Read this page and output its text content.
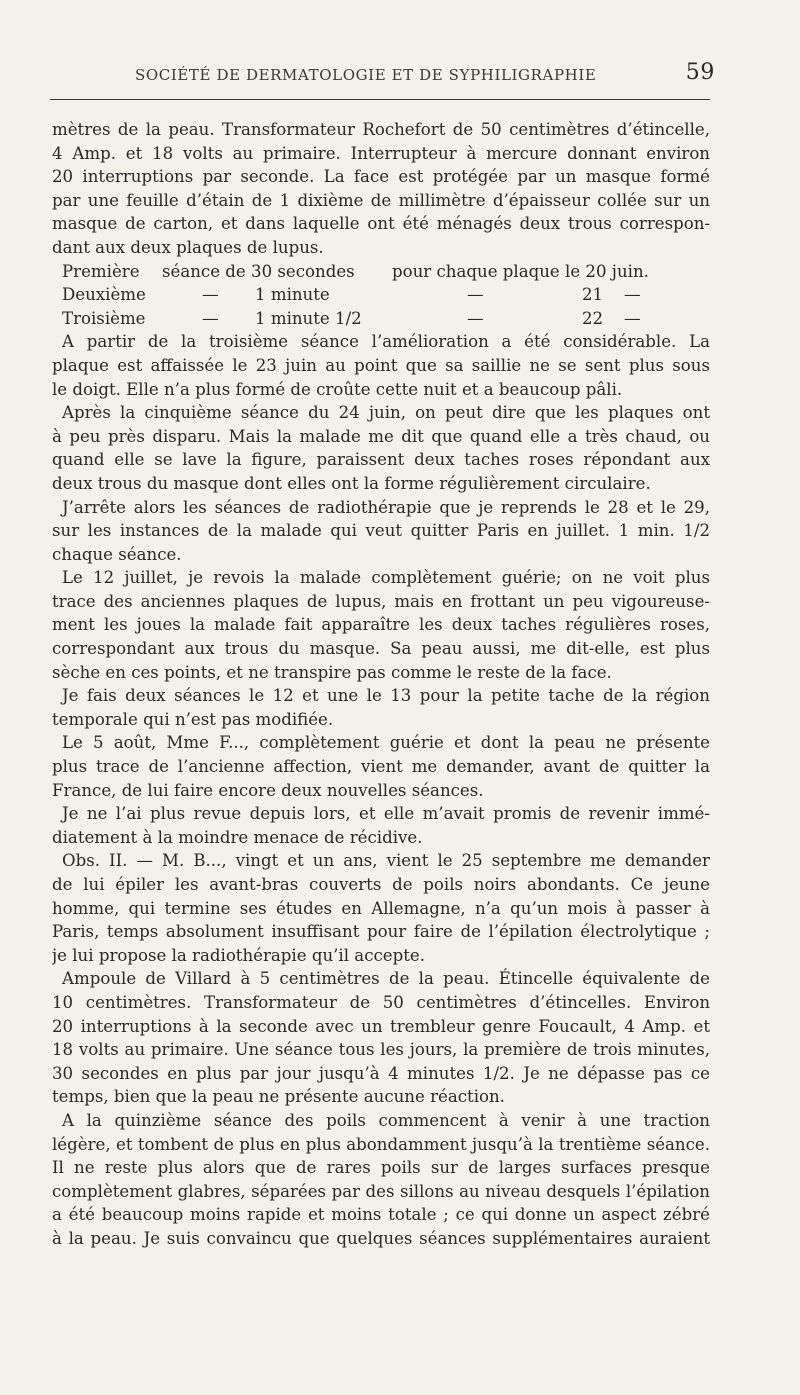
SOCIÉTÉ DE DERMATOLOGIE ET DE SYPHILIGRAPHIE	59
mètres de la peau. Transformateur Rochefort de 50 centimètres d’étincelle,
4 Amp. et 18 volts au primaire. Interrupteur à mercure donnant environ
20 interruptions par seconde. La face est protégée par un masque formé
par une feuille d’étain de 1 dixième de millimètre d’épaisseur collée sur un
masque de carton, et dans laquelle ont été ménagés deux trous correspon-
dant aux deux plaques de lupus.
Première séance de 30 secondes pour chaque plaque le 20 juin.
Deuxième	— 1 minute	—	21 —
Troisième	— 1 minute 1/2	—	22 —
A partir de la troisième séance l’amélioration a été considérable. La
plaque est affaissée le 23 juin au point que sa saillie ne se sent plus sous
le doigt. Elle n’a plus formé de croûte cette nuit et a beaucoup pâli.
Après la cinquième séance du 24 juin, on peut dire que les plaques ont
à peu près disparu. Mais la malade me dit que quand elle a très chaud, ou
quand elle se lave la figure, paraissent deux taches roses répondant aux
deux trous du masque dont elles ont la forme régulièrement circulaire.
J’arrête alors les séances de radiothérapie que je reprends le 28 et le 29,
sur les instances de la malade qui veut quitter Paris en juillet. 1 min. 1/2
chaque séance.
Le 12 juillet, je revois la malade complètement guérie; on ne voit plus
trace des anciennes plaques de lupus, mais en frottant un peu vigoureuse-
ment les joues la malade fait apparaître les deux taches régulières roses,
correspondant aux trous du masque. Sa peau aussi, me dit-elle, est plus
sèche en ces points, et ne transpire pas comme le reste de la face.
Je fais deux séances le 12 et une le 13 pour la petite tache de la région
temporale qui n’est pas modifiée.
Le 5 août, Mme F..., complètement guérie et dont la peau ne présente
plus trace de l’ancienne affection, vient me demander, avant de quitter la
France, de lui faire encore deux nouvelles séances.
Je ne l’ai plus revue depuis lors, et elle m’avait promis de revenir immé-
diatement à la moindre menace de récidive.
Obs. II. — M. B..., vingt et un ans, vient le 25 septembre me demander
de lui épiler les avant-bras couverts de poils noirs abondants. Ce jeune
homme, qui termine ses études en Allemagne, n’a qu’un mois à passer à
Paris, temps absolument insuffisant pour faire de l’épilation électrolytique ;
je lui propose la radiothérapie qu’il accepte.
Ampoule de Villard à 5 centimètres de la peau. Étincelle équivalente de
10 centimètres. Transformateur de 50 centimètres d’étincelles. Environ
20 interruptions à la seconde avec un trembleur genre Foucault, 4 Amp. et
18 volts au primaire. Une séance tous les jours, la première de trois minutes,
30 secondes en plus par jour jusqu’à 4 minutes 1/2. Je ne dépasse pas ce
temps, bien que la peau ne présente aucune réaction.
A la quinzième séance des poils commencent à venir à une traction
légère, et tombent de plus en plus abondamment jusqu’à la trentième séance.
Il ne reste plus alors que de rares poils sur de larges surfaces presque
complètement glabres, séparées par des sillons au niveau desquels l’épilation
a été beaucoup moins rapide et moins totale ; ce qui donne un aspect zébré
à la peau. Je suis convaincu que quelques séances supplémentaires auraient
